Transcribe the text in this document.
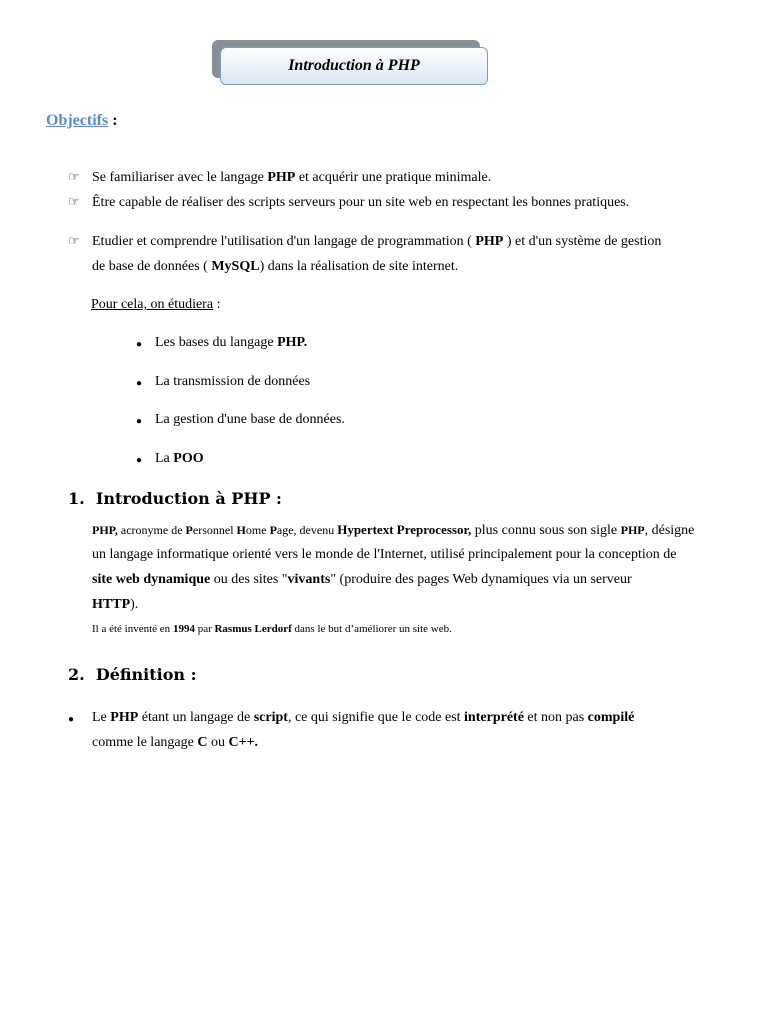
Introduction à PHP
Objectifs :
☞ Se familiariser avec le langage PHP et acquérir une pratique minimale.
☞ Être capable de réaliser des scripts serveurs pour un site web en respectant les bonnes pratiques.
☞ Etudier et comprendre l'utilisation d'un langage de programmation ( PHP ) et d'un système de gestion
de base de données ( MySQL) dans la réalisation de site internet.
Pour cela, on étudiera :
● Les bases du langage PHP.
● La transmission de données
● La gestion d'une base de données.
● La POO
1. Introduction à PHP :
PHP, acronyme de Personnel Home Page, devenu Hypertext Preprocessor, plus connu sous son sigle PHP, désigne
un langage informatique orienté vers le monde de l'Internet, utilisé principalement pour la conception de
site web dynamique ou des sites "vivants" (produire des pages Web dynamiques via un serveur
HTTP).
Il a été inventé en 1994 par Rasmus Lerdorf dans le but d’améliorer un site web.
2. Définition :
● Le PHP étant un langage de script, ce qui signifie que le code est interprété et non pas compilé
comme le langage C ou C++.
